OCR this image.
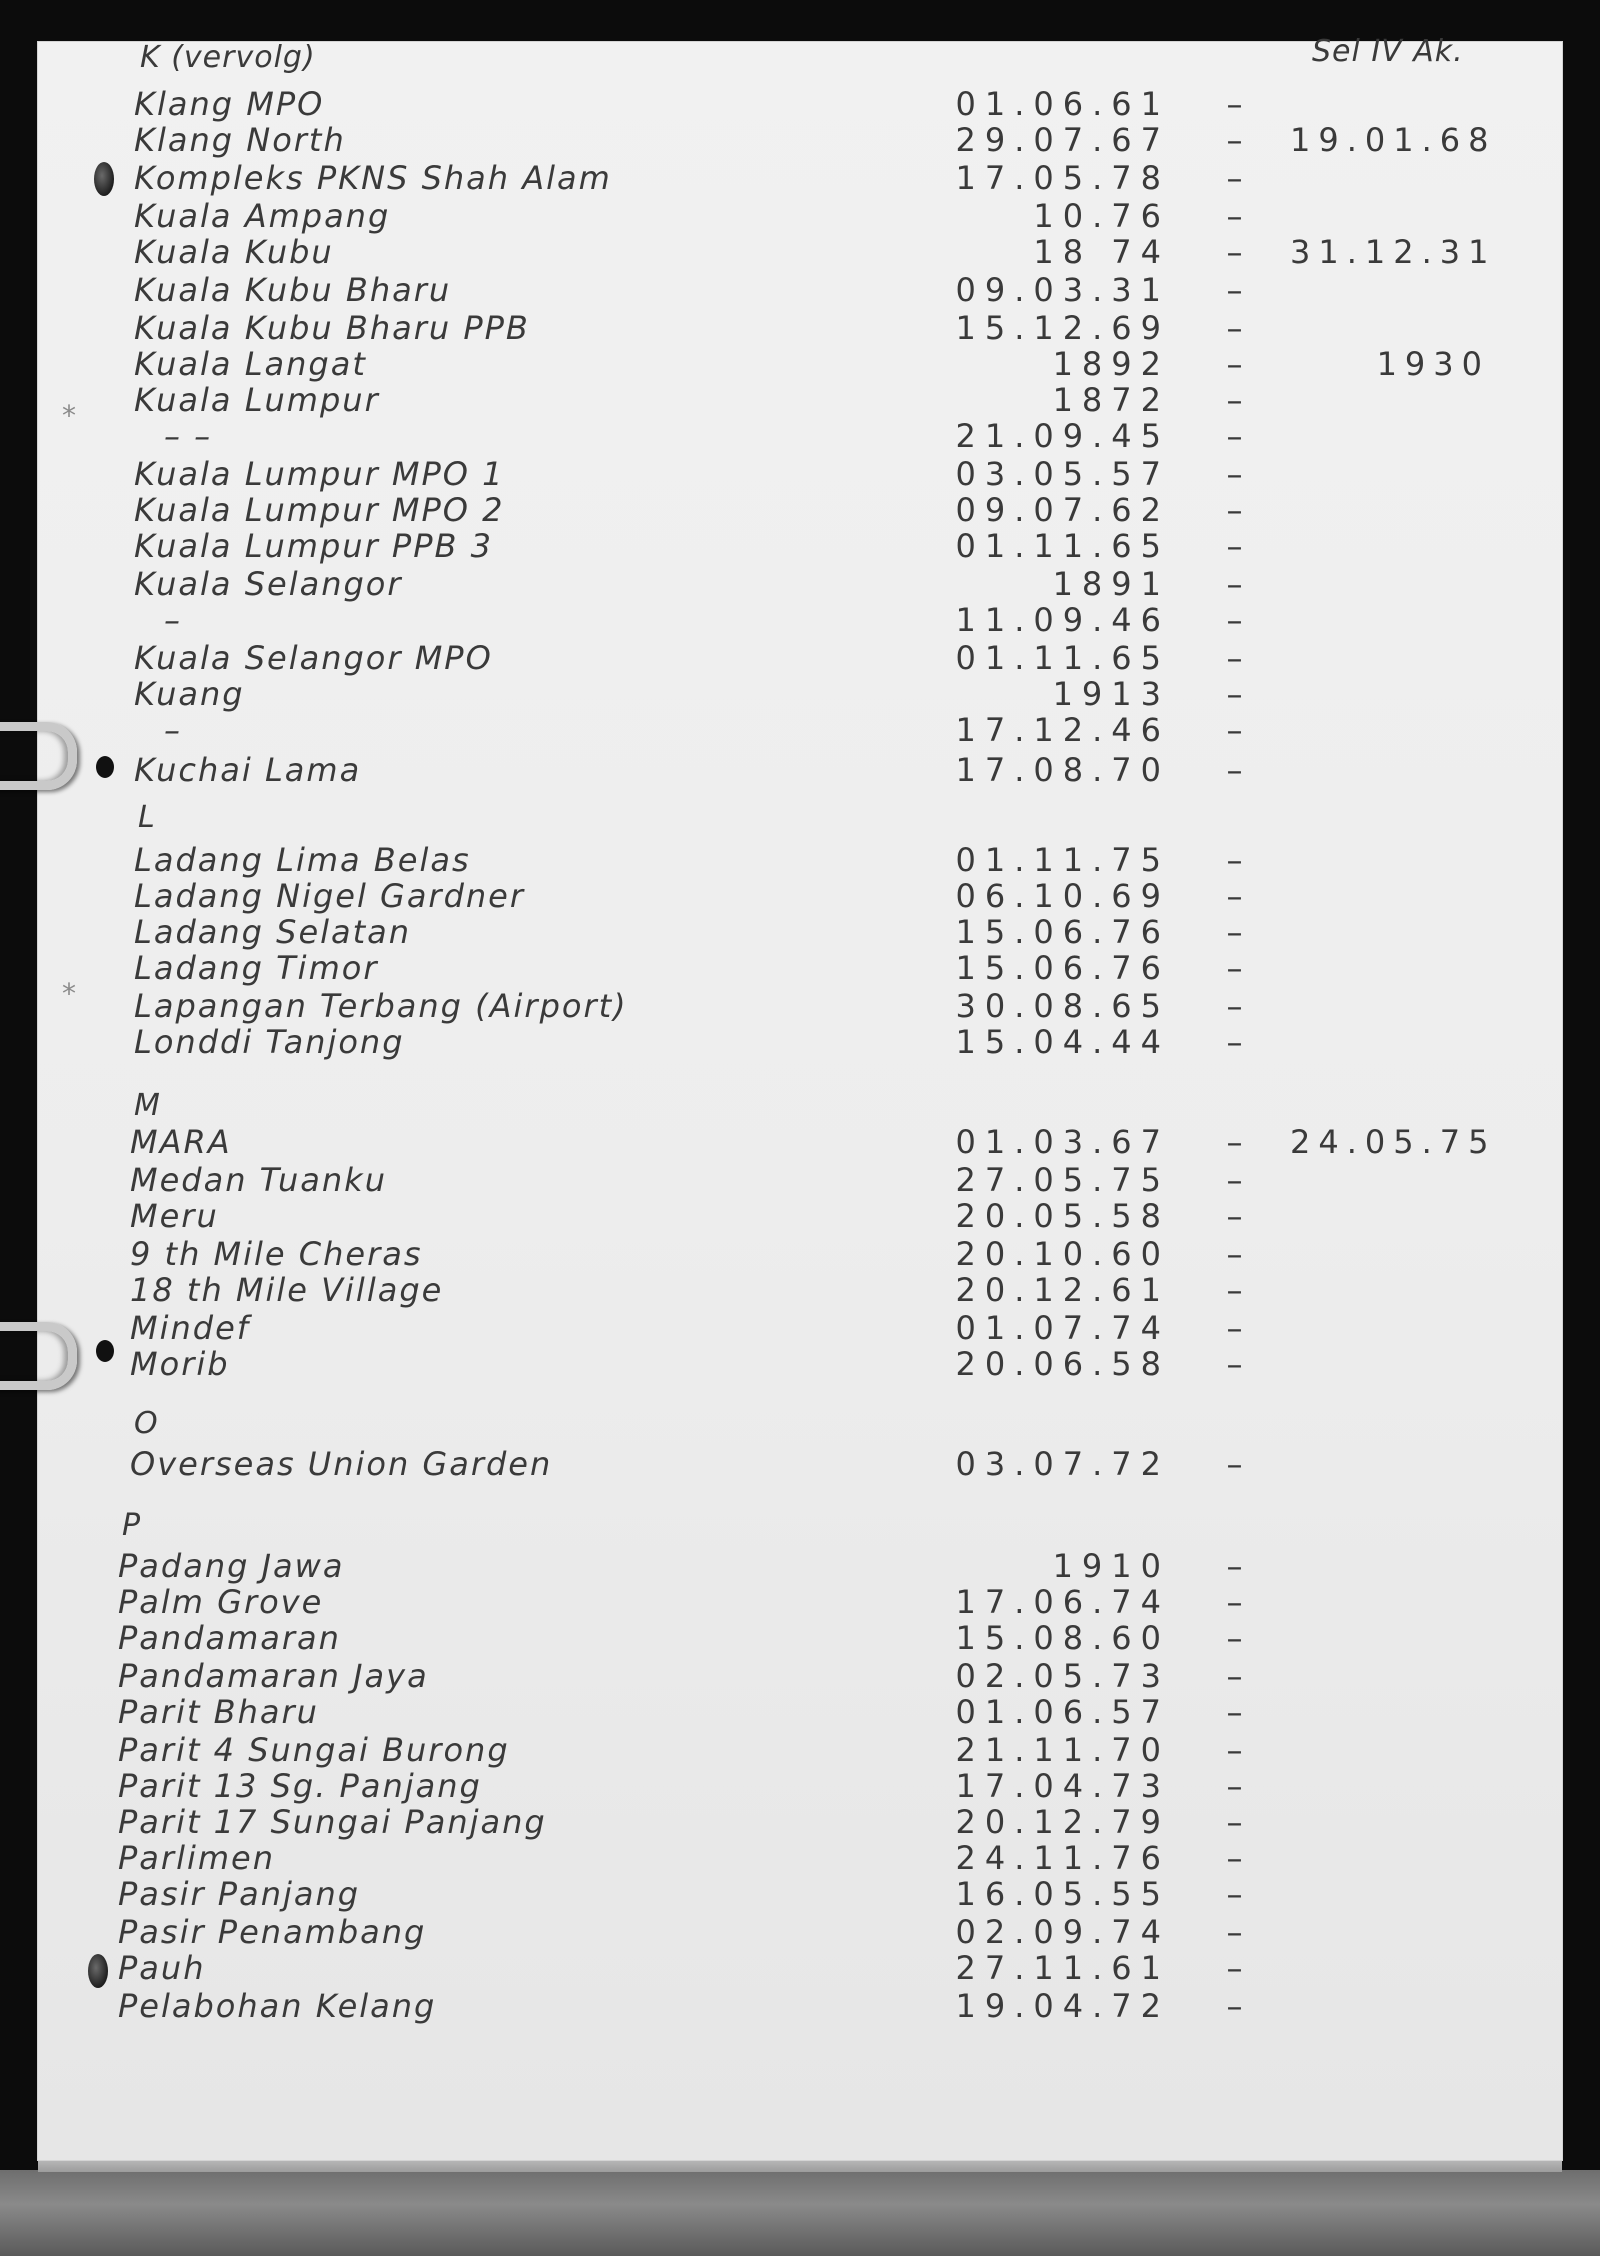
K (vervolg)	Sel IV Ak.
Klang MPO	01.06.61 –
Klang North	29.07.67 – 19.01.68
Kompleks PKNS Shah Alam	17.05.78 –
Kuala Ampang	10.76 –
Kuala Kubu	18 74 – 31.12.31
Kuala Kubu Bharu	09.03.31 –
Kuala Kubu Bharu PPB	15.12.69 –
Kuala Langat	1892 –	1930
Kuala Lumpur	1872 –
– –	21.09.45 –
Kuala Lumpur MPO 1	03.05.57 –
Kuala Lumpur MPO 2	09.07.62 –
Kuala Lumpur PPB 3	01.11.65 –
Kuala Selangor	1891 –
–	11.09.46 –
Kuala Selangor MPO	01.11.65 –
Kuang	1913 –
–	17.12.46 –
Kuchai Lama	17.08.70 –
L
Ladang Lima Belas	01.11.75 –
Ladang Nigel Gardner	06.10.69 –
Ladang Selatan	15.06.76 –
Ladang Timor	15.06.76 –
Lapangan Terbang (Airport)	30.08.65 –
Londdi Tanjong	15.04.44 –
M
MARA	01.03.67 – 24.05.75
Medan Tuanku	27.05.75 –
Meru	20.05.58 –
9 th Mile Cheras	20.10.60 –
18 th Mile Village	20.12.61 –
Mindef	01.07.74 –
Morib	20.06.58 –
O
Overseas Union Garden	03.07.72 –
P
Padang Jawa	1910 –
Palm Grove	17.06.74 –
Pandamaran	15.08.60 –
Pandamaran Jaya	02.05.73 –
Parit Bharu	01.06.57 –
Parit 4 Sungai Burong	21.11.70 –
Parit 13 Sg. Panjang	17.04.73 –
Parit 17 Sungai Panjang	20.12.79 –
Parlimen	24.11.76 –
Pasir Panjang	16.05.55 –
Pasir Penambang	02.09.74 –
Pauh	27.11.61 –
Pelabohan Kelang	19.04.72 –
*
*
